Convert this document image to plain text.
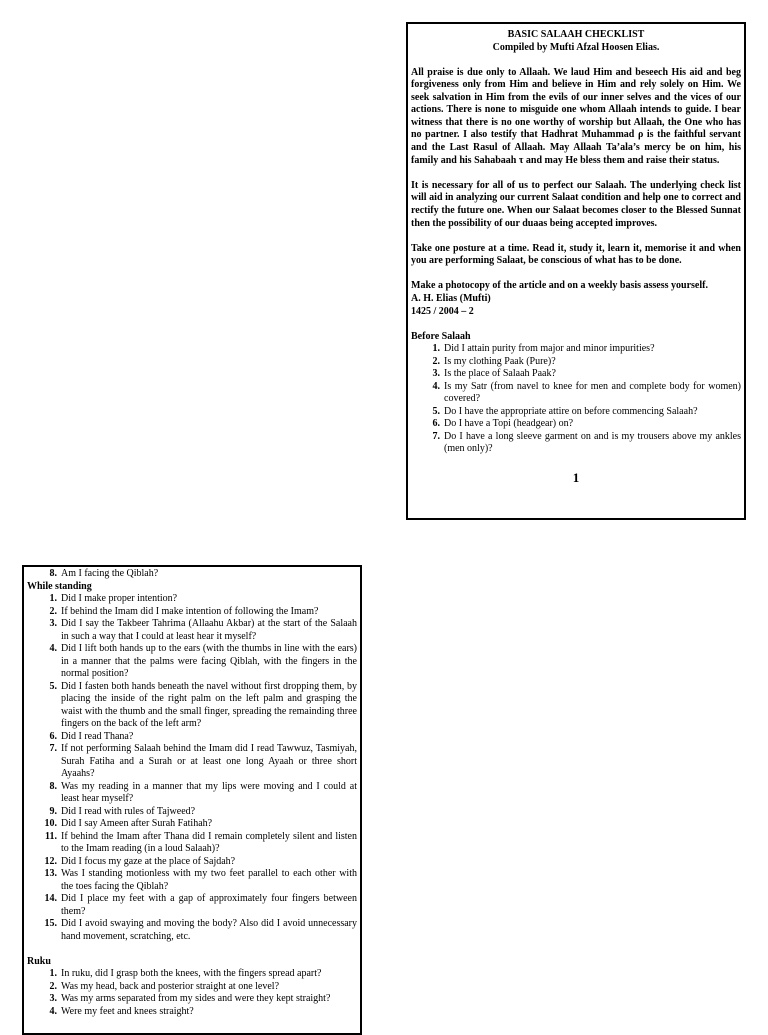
BASIC SALAAH CHECKLIST
Compiled by Mufti Afzal Hoosen Elias.

All praise is due only to Allaah. We laud Him and beseech His aid and beg forgiveness only from Him and believe in Him and rely solely on Him. We seek salvation in Him from the evils of our inner selves and the vices of our actions. There is none to misguide one whom Allaah intends to guide. I bear witness that there is no one worthy of worship but Allaah, the One who has no partner. I also testify that Hadhrat Muhammad ρ is the faithful servant and the Last Rasul of Allaah. May Allaah Ta’ala’s mercy be on him, his family and his Sahabaah τ and may He bless them and raise their status.

It is necessary for all of us to perfect our Salaah. The underlying check list will aid in analyzing our current Salaat condition and help one to correct and rectify the future one. When our Salaat becomes closer to the Blessed Sunnat then the possibility of our duaas being accepted improves.

Take one posture at a time. Read it, study it, learn it, memorise it and when you are performing Salaat, be conscious of what has to be done.

Make a photocopy of the article and on a weekly basis assess yourself.

A. H. Elias (Mufti)

1425 / 2004 – 2

Before Salaah

1. Did I attain purity from major and minor impurities?
2. Is my clothing Paak (Pure)?
3. Is the place of Salaah Paak?
4. Is my Satr (from navel to knee for men and complete body for women) covered?
5. Do I have the appropriate attire on before commencing Salaah?
6. Do I have a Topi (headgear) on?
7. Do I have a long sleeve garment on and is my trousers above my ankles (men only)?
1
8. Am I facing the Qiblah?

While standing

1. Did I make proper intention?
2. If behind the Imam did I make intention of following the Imam?
3. Did I say the Takbeer Tahrima (Allaahu Akbar) at the start of the Salaah in such a way that I could at least hear it myself?
4. Did I lift both hands up to the ears (with the thumbs in line with the ears) in a manner that the palms were facing Qiblah, with the fingers in the normal position?
5. Did I fasten both hands beneath the navel without first dropping them, by placing the inside of the right palm on the left palm and grasping the waist with the thumb and the small finger, spreading the remainding three fingers on the back of the left arm?
6. Did I read Thana?
7. If not performing Salaah behind the Imam did I read Tawwuz, Tasmiyah, Surah Fatiha and a Surah or at least one long Ayaah or three short Ayaahs?
8. Was my reading in a manner that my lips were moving and I could at least hear myself?
9. Did I read with rules of Tajweed?
10. Did I say Ameen after Surah Fatihah?
11. If behind the Imam after Thana did I remain completely silent and listen to the Imam reading (in a loud Salaah)?
12. Did I focus my gaze at the place of Sajdah?
13. Was I standing motionless with my two feet parallel to each other with the toes facing the Qiblah?
14. Did I place my feet with a gap of approximately four fingers between them?
15. Did I avoid swaying and moving the body? Also did I avoid unnecessary hand movement, scratching, etc.

Ruku

1. In ruku, did I grasp both the knees, with the fingers spread apart?
2. Was my head, back and posterior straight at one level?
3. Was my arms separated from my sides and were they kept straight?
4. Were my feet and knees straight?
